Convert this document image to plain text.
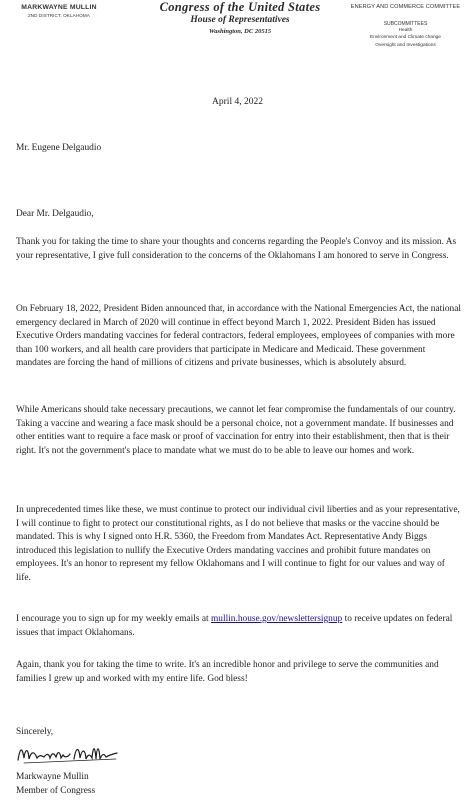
MARKWAYNE MULLIN
2ND DISTRICT, OKLAHOMA
Congress of the United States
House of Representatives
Washington, DC 20515
ENERGY AND COMMERCE COMMITTEE
SUBCOMMITTEES
Health
Environment and Climate change
Oversight and Investigations
April 4, 2022
Mr. Eugene Delgaudio
Dear Mr. Delgaudio,
Thank you for taking the time to share your thoughts and concerns regarding the People's Convoy and its mission. As your representative, I give full consideration to the concerns of the Oklahomans I am honored to serve in Congress.
On February 18, 2022, President Biden announced that, in accordance with the National Emergencies Act, the national emergency declared in March of 2020 will continue in effect beyond March 1, 2022. President Biden has issued Executive Orders mandating vaccines for federal contractors, federal employees, employees of companies with more than 100 workers, and all health care providers that participate in Medicare and Medicaid. These government mandates are forcing the hand of millions of citizens and private businesses, which is absolutely absurd.
While Americans should take necessary precautions, we cannot let fear compromise the fundamentals of our country. Taking a vaccine and wearing a face mask should be a personal choice, not a government mandate. If businesses and other entities want to require a face mask or proof of vaccination for entry into their establishment, then that is their right. It's not the government's place to mandate what we must do to be able to leave our homes and work.
In unprecedented times like these, we must continue to protect our individual civil liberties and as your representative, I will continue to fight to protect our constitutional rights, as I do not believe that masks or the vaccine should be mandated. This is why I signed onto H.R. 5360, the Freedom from Mandates Act. Representative Andy Biggs introduced this legislation to nullify the Executive Orders mandating vaccines and prohibit future mandates on employees. It's an honor to represent my fellow Oklahomans and I will continue to fight for our values and way of life.
I encourage you to sign up for my weekly emails at mullin.house.gov/newslettersignup to receive updates on federal issues that impact Oklahomans.
Again, thank you for taking the time to write. It's an incredible honor and privilege to serve the communities and families I grew up and worked with my entire life. God bless!
Sincerely,
Markwayne Mullin
Member of Congress
